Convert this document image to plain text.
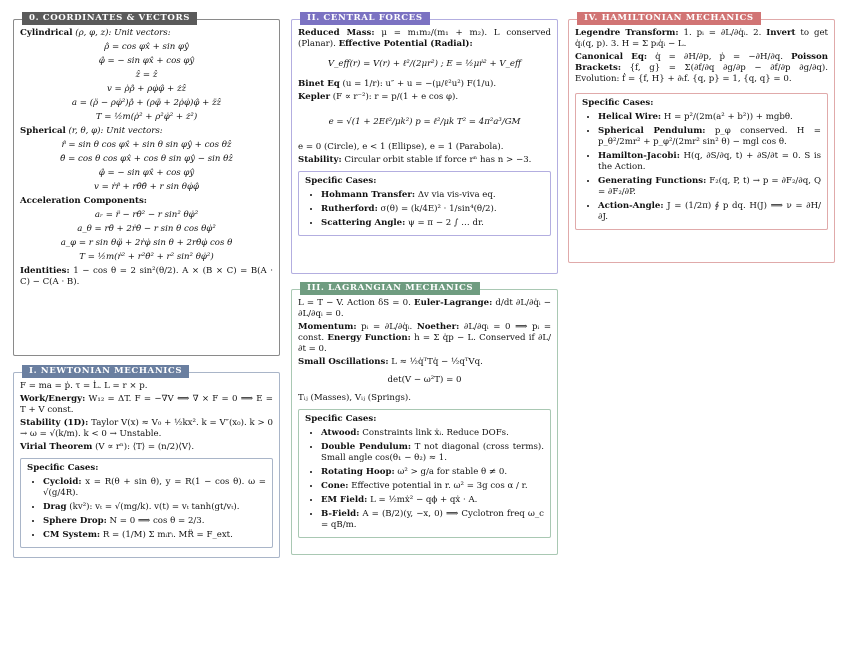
0. COORDINATES & VECTORS

Cylindrical (ρ, φ, z): Unit vectors:

ρ̂ = cos φx̂ + sin φŷ
φ̂ = − sin φx̂ + cos φŷ
ẑ = ẑ
v = ρ̇ρ̂ + ρφ̇φ̂ + żẑ
a = (ρ̈ − ρφ̇²)ρ̂ + (ρφ̈ + 2ρ̇φ̇)φ̂ + z̈ẑ
T = ½m(ρ̇² + ρ²φ̇² + ż²)

Spherical (r, θ, φ): Unit vectors:

r̂ = sin θ cos φx̂ + sin θ sin φŷ + cos θẑ
θ̂ = cos θ cos φx̂ + cos θ sin φŷ − sin θẑ
φ̂ = − sin φx̂ + cos φŷ
v = ṙr̂ + rθ̇θ̂ + r sin θφ̇φ̂

Acceleration Components:

aᵣ = r̈ − rθ̇² − r sin² θφ̇²
a_θ = rθ̈ + 2ṙθ̇ − r sin θ cos θφ̇²
a_φ = r sin θφ̈ + 2ṙφ̇ sin θ + 2rθ̇φ̇ cos θ
T = ½m(ṙ² + r²θ̇² + r² sin² θφ̇²)

Identities: 1 − cos θ = 2 sin²(θ/2). A × (B × C) = B(A · C) − C(A · B).

I. NEWTONIAN MECHANICS

F = ma = ṗ. τ = L̇. L = r × p.

Work/Energy: W₁₂ = ΔT. F = −∇V ⟺ ∇ × F = 0 ⟹ E = T + V const.

Stability (1D): Taylor V(x) ≈ V₀ + ½kx². k = V″(x₀). k > 0 → ω = √(k/m). k < 0 → Unstable.

Virial Theorem (V ∝ rⁿ): ⟨T⟩ = (n/2)⟨V⟩.

Specific Cases:
• Cycloid: x = R(θ + sin θ), y = R(1 − cos θ). ω = √(g/4R).
• Drag (kv²): vₜ = √(mg/k). v(t) = vₜ tanh(gt/vₜ).
• Sphere Drop: N = 0 ⟹ cos θ = 2/3.
• CM System: R = (1/M) Σ mᵢrᵢ. MR̈ = F_ext.
II. CENTRAL FORCES

Reduced Mass: μ = m₁m₂/(m₁ + m₂). L conserved (Planar). Effective Potential (Radial):

V_eff(r) = V(r) + ℓ²/(2μr²) ; E = ½μṙ² + V_eff

Binet Eq (u = 1/r): u″ + u = −(μ/ℓ²u²) F(1/u).

Kepler (F ∝ r⁻²): r = p/(1 + e cos φ).

e = √(1 + 2Eℓ²/μk²) p = ℓ²/μk T² = 4π²a³/GM

e = 0 (Circle), e < 1 (Ellipse), e = 1 (Parabola).

Stability: Circular orbit stable if force rⁿ has n > −3.

Specific Cases:
• Hohmann Transfer: Δv via vis-viva eq.
• Rutherford: σ(θ) = (k/4E)² · 1/sin⁴(θ/2).
• Scattering Angle: ψ = π − 2 ∫ … dr.
III. LAGRANGIAN MECHANICS

L = T − V. Action δS = 0. Euler-Lagrange: d/dt ∂L/∂q̇ᵢ − ∂L/∂qᵢ = 0.

Momentum: pᵢ = ∂L/∂q̇ᵢ. Noether: ∂L/∂qᵢ = 0 ⟹ pᵢ = const. Energy Function: h = Σ q̇p − L. Conserved if ∂L/∂t = 0.

Small Oscillations: L ≈ ½q̇ᵀTq̇ − ½qᵀVq.

det(V − ω²T) = 0

Tᵢⱼ (Masses), Vᵢⱼ (Springs).

Specific Cases:
• Atwood: Constraints link ẋᵢ. Reduce DOFs.
• Double Pendulum: T not diagonal (cross terms). Small angle cos(θ₁ − θ₂) ≈ 1.
• Rotating Hoop: ω² > g/a for stable θ ≠ 0.
• Cone: Effective potential in r. ω² = 3g cos α / r.
• EM Field: L = ½mẋ² − qϕ + qẋ · A.
• B-Field: A = (B/2)(y, −x, 0) ⟹ Cyclotron freq ω_c = qB/m.
IV. HAMILTONIAN MECHANICS

Legendre Transform: 1. pᵢ = ∂L/∂q̇ᵢ. 2. Invert to get q̇ᵢ(q, p). 3. H = Σ pᵢq̇ᵢ − L.

Canonical Eq: q̇ = ∂H/∂p, ṗ = −∂H/∂q. Poisson Brackets: {f, g} = Σ(∂f/∂q ∂g/∂p − ∂f/∂p ∂g/∂q). Evolution: ḟ = {f, H} + ∂ₜf. {q, p} = 1, {q, q} = 0.

Specific Cases:
• Helical Wire: H = p²/(2m(a² + b²)) + mgbθ.
• Spherical Pendulum: p_φ conserved. H = p_θ²/2mr² + p_φ²/(2mr² sin² θ) − mgl cos θ.
• Hamilton-Jacobi: H(q, ∂S/∂q, t) + ∂S/∂t = 0. S is the Action.
• Generating Functions: F₂(q, P, t) → p = ∂F₂/∂q, Q = ∂F₂/∂P.
• Action-Angle: J = (1/2π) ∮ p dq. H(J) ⟹ ν = ∂H/∂J.
